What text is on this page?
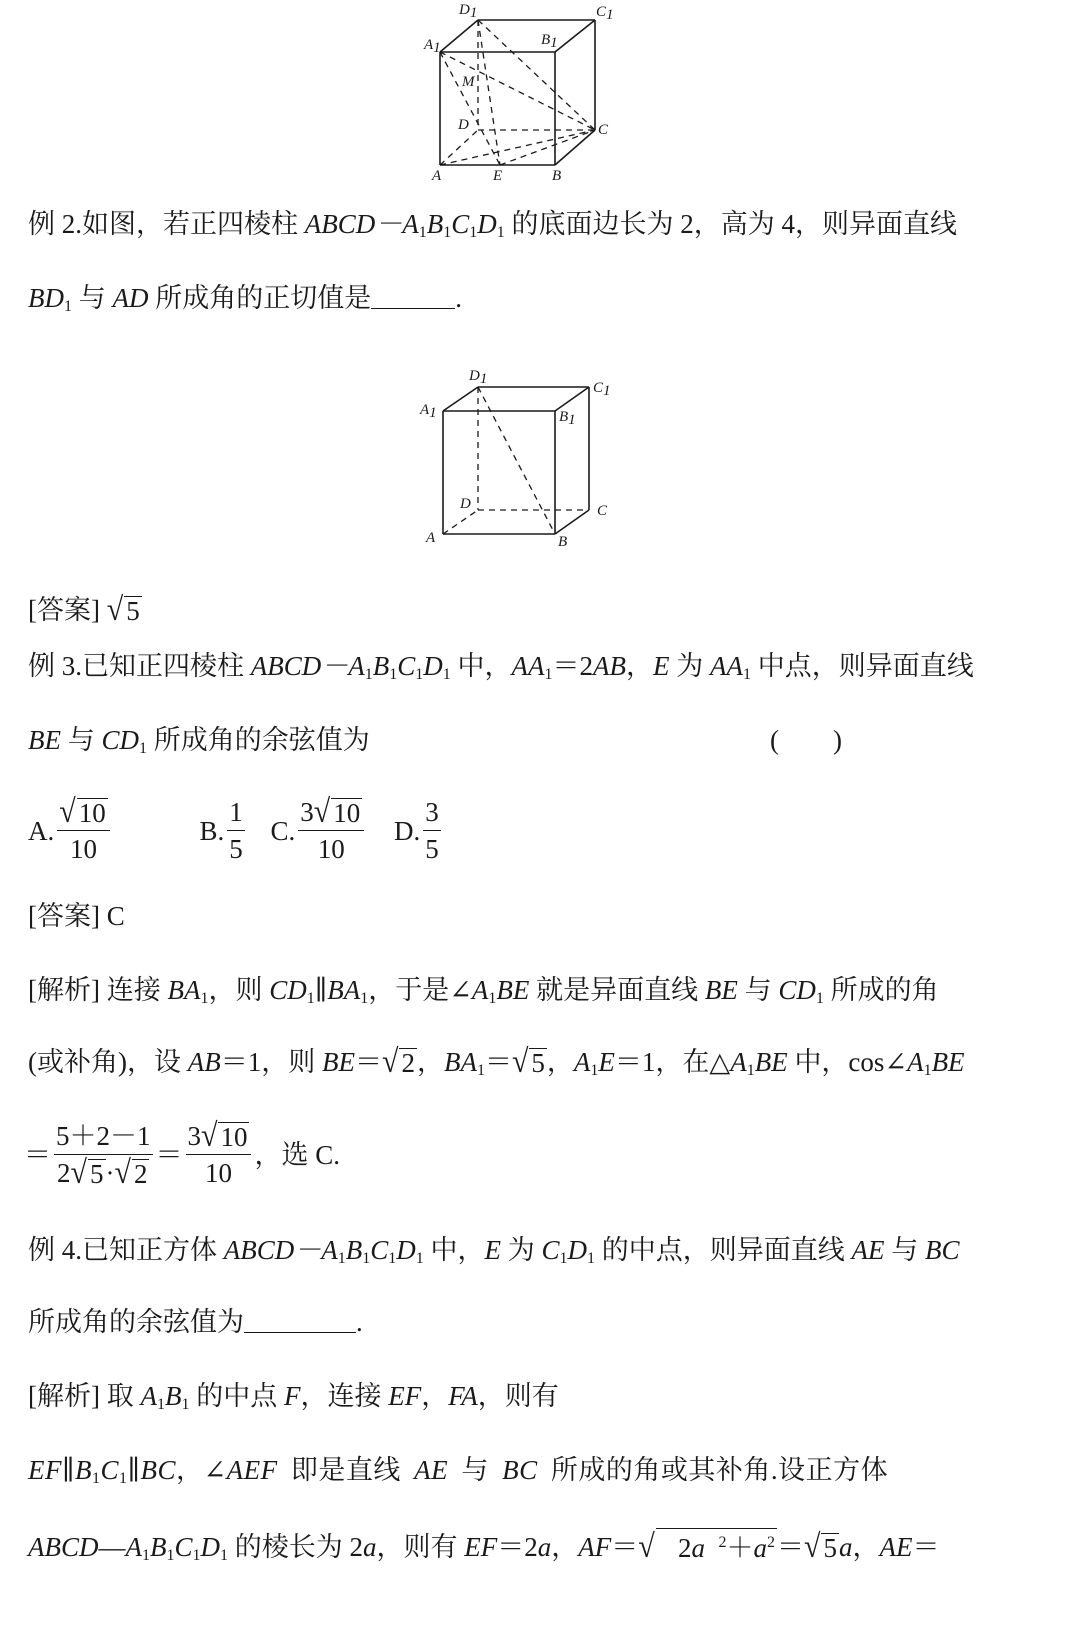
D1
A1	B1
C1
M
D	C
A	E	B
例 2.如图，若正四棱柱 $ABCD-A_1B_1C_1D_1$ 的底面边长为 2，高为 4，则异面直线
$BD_1$ 与 AD 所成角的正切值是	.
D1
C1
A1	B1
D	C
A	B
[答案] √ 5
例 3.已知正四棱柱 $ABCD-A_1B_1C_1D_1$ 中，$AA_1=2AB$，E 为 $AA_1$ 中点，则异面直线
BE 与 $CD_1$ 所成角的余弦值为	(　　)
A. $\frac{√ 10}{10}$
	B. $\frac{1}{5}$
C. $\frac{3 √ 10}{10}$
D. $\frac{3}{5}$
[答案] C
[解析] 连接 $BA_1$，则 $CD_1\parallel BA_1$，于是$\angle A_1BE$ 就是异面直线 BE 与 $CD_1$ 所成的角
(或补角)，设 AB＝1，则 BE＝ √ 2 ，$BA_1=$ √ 5 ，$A_1E=1$，在$\triangle A_1BE$ 中，$\cos\angle A_1BE$
＝ $\frac{5+2-1}{2 √ 5 \cdot √ 2} = \frac{3 √ 10}{10}$ ，选 C.
例 4.已知正方体 $ABCD-A_1B_1C_1D_1$ 中，E 为 $C_1D_1$ 的中点，则异面直线 AE 与 BC
所成角的余弦值为	.
[解析] 取 $A_1B_1$ 的中点 F，连接 EF，FA，则有
$EF\parallel B_1C_1\parallel BC$，∠AEF 即是直线 AE 与 BC 所成的角或其补角.设正方体
$ABCD—A_1B_1C_1D_1$ 的棱长为 2a，则有 EF＝2a，AF＝ √ 2a $^2+a^2$ ＝ √ 5 a，AE＝
